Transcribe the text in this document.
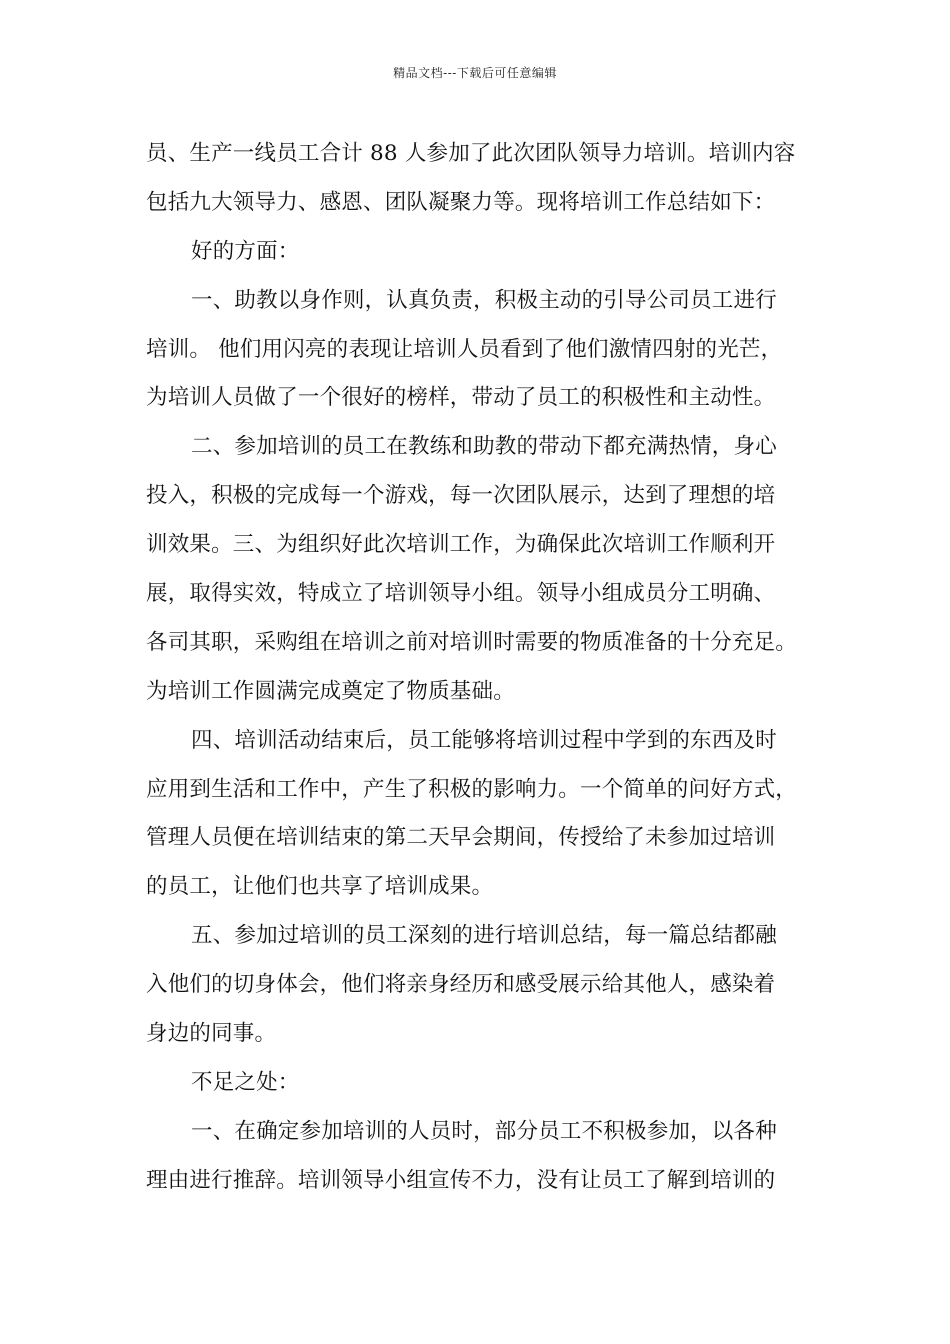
精品文档---下载后可任意编辑
员、生产一线员工合计 88 人参加了此次团队领导力培训。培训内容
包括九大领导力、感恩、团队凝聚力等。现将培训工作总结如下：
好的方面：
一、助教以身作则，认真负责，积极主动的引导公司员工进行
培训。 他们用闪亮的表现让培训人员看到了他们激情四射的光芒，
为培训人员做了一个很好的榜样，带动了员工的积极性和主动性。
二、参加培训的员工在教练和助教的带动下都充满热情，身心
投入，积极的完成每一个游戏，每一次团队展示，达到了理想的培
训效果。三、为组织好此次培训工作，为确保此次培训工作顺利开
展，取得实效，特成立了培训领导小组。领导小组成员分工明确、
各司其职，采购组在培训之前对培训时需要的物质准备的十分充足。
为培训工作圆满完成奠定了物质基础。
四、培训活动结束后，员工能够将培训过程中学到的东西及时
应用到生活和工作中，产生了积极的影响力。一个简单的问好方式，
管理人员便在培训结束的第二天早会期间，传授给了未参加过培训
的员工，让他们也共享了培训成果。
五、参加过培训的员工深刻的进行培训总结，每一篇总结都融
入他们的切身体会，他们将亲身经历和感受展示给其他人，感染着
身边的同事。
不足之处：
一、在确定参加培训的人员时，部分员工不积极参加，以各种
理由进行推辞。培训领导小组宣传不力，没有让员工了解到培训的
